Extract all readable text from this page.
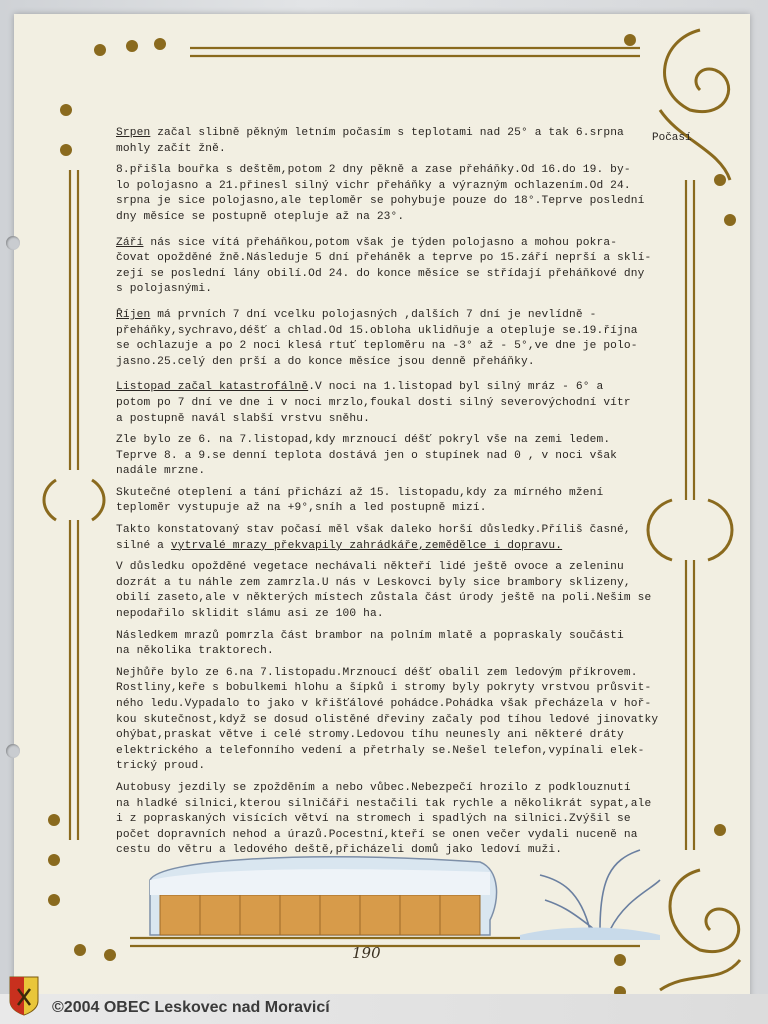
Počasí
Srpen začal slibně pěkným letním počasím s teplotami nad 25° a tak 6.srpna
mohly začít žně.
8.přišla bouřka s deštěm,potom 2 dny pěkně a zase přeháňky.Od 16.do 19. by-
lo polojasno a 21.přinesl silný vichr přeháňky a výrazným ochlazením.Od 24.
srpna je sice polojasno,ale teploměr se pohybuje pouze do 18°.Teprve poslední
dny měsíce se postupně otepluje až na 23°.
Září nás sice vítá přeháňkou,potom však je týden polojasno a mohou pokra-
čovat opožděné žně.Následuje 5 dní přeháněk a teprve po 15.září neprší a sklí-
zejí se poslední lány obilí.Od 24. do konce měsíce se střídají přeháňkové dny
s polojasnými.
Říjen má prvních 7 dní vcelku polojasných ,dalších 7 dní je nevlídně -
přeháňky,sychravo,déšť a chlad.Od 15.obloha uklidňuje a otepluje se.19.října
se ochlazuje a po 2 noci klesá rtuť teploměru na -3° až - 5°,ve dne je polo-
jasno.25.celý den prší a do konce měsíce jsou denně přeháňky.
Listopad začal katastrofálně.V noci na 1.listopad byl silný mráz - 6° a
potom po 7 dní ve dne i v noci mrzlo,foukal dosti silný severovýchodní vítr
a postupně navál slabší vrstvu sněhu.
Zle bylo ze 6. na 7.listopad,kdy mrznoucí déšť pokryl vše na zemi ledem.
Teprve 8. a 9.se denní teplota dostává jen o stupínek nad 0 , v noci však
nadále mrzne.
Skutečné oteplení a tání přichází až 15. listopadu,kdy za mírného mžení
teploměr vystupuje až na +9°,sníh a led postupně mizí.
Takto konstatovaný stav počasí měl však daleko horší důsledky.Příliš časné,
silné a vytrvalé mrazy překvapily zahrádkáře,zemědělce i dopravu.
V důsledku opožděné vegetace nechávali někteří lidé ještě ovoce a zeleninu
dozrát a tu náhle zem zamrzla.U nás v Leskovci byly sice brambory sklizeny,
obilí zaseto,ale v některých místech zůstala část úrody ještě na poli.Nešim se
nepodařilo sklidit slámu asi ze 100 ha.
Následkem mrazů pomrzla část brambor na polním mlatě a popraskaly součásti
na několika traktorech.
Nejhůře bylo ze 6.na 7.listopadu.Mrznoucí déšť obalil zem ledovým příkrovem.
Rostliny,keře s bobulkemi hlohu a šípků i stromy byly pokryty vrstvou průsvit-
ného ledu.Vypadalo to jako v křišťálové pohádce.Pohádka však přecházela v hoř-
kou skutečnost,když se dosud olistěné dřeviny začaly pod tíhou ledové jinovatky
ohýbat,praskat větve i celé stromy.Ledovou tíhu neunesly ani některé dráty
elektrického a telefonního vedení a přetrhaly se.Nešel telefon,vypínali elek-
trický proud.
Autobusy jezdily se zpožděním a nebo vůbec.Nebezpečí hrozilo z podklouznutí
na hladké silnici,kterou silničáři nestačili tak rychle a několikrát sypat,ale
i z popraskaných visících větví na stromech i spadlých na silnici.Zvýšil se
počet dopravních nehod a úrazů.Pocestní,kteří se onen večer vydali nuceně na
cestu do větru a ledového deště,přicházeli domů jako ledoví muži.
190
©2004 OBEC Leskovec nad Moravicí
